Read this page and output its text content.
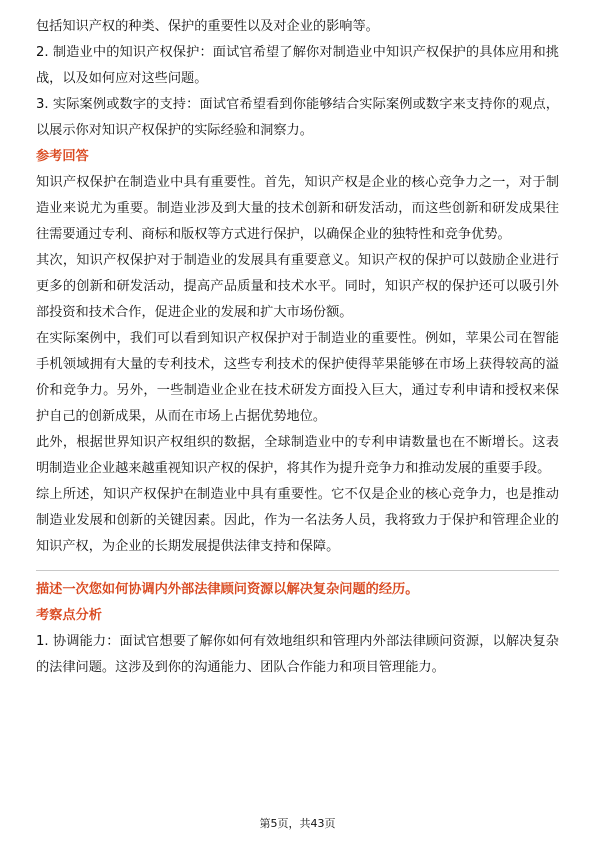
包括知识产权的种类、保护的重要性以及对企业的影响等。

2. 制造业中的知识产权保护：面试官希望了解你对制造业中知识产权保护的具体应用和挑战，以及如何应对这些问题。

3. 实际案例或数字的支持：面试官希望看到你能够结合实际案例或数字来支持你的观点，以展示你对知识产权保护的实际经验和洞察力。

参考回答

知识产权保护在制造业中具有重要性。首先，知识产权是企业的核心竞争力之一，对于制造业来说尤为重要。制造业涉及到大量的技术创新和研发活动，而这些创新和研发成果往往需要通过专利、商标和版权等方式进行保护，以确保企业的独特性和竞争优势。

其次，知识产权保护对于制造业的发展具有重要意义。知识产权的保护可以鼓励企业进行更多的创新和研发活动，提高产品质量和技术水平。同时，知识产权的保护还可以吸引外部投资和技术合作，促进企业的发展和扩大市场份额。

在实际案例中，我们可以看到知识产权保护对于制造业的重要性。例如，苹果公司在智能手机领域拥有大量的专利技术，这些专利技术的保护使得苹果能够在市场上获得较高的溢价和竞争力。另外，一些制造业企业在技术研发方面投入巨大，通过专利申请和授权来保护自己的创新成果，从而在市场上占据优势地位。

此外，根据世界知识产权组织的数据，全球制造业中的专利申请数量也在不断增长。这表明制造业企业越来越重视知识产权的保护，将其作为提升竞争力和推动发展的重要手段。

综上所述，知识产权保护在制造业中具有重要性。它不仅是企业的核心竞争力，也是推动制造业发展和创新的关键因素。因此，作为一名法务人员，我将致力于保护和管理企业的知识产权，为企业的长期发展提供法律支持和保障。

描述一次您如何协调内外部法律顾问资源以解决复杂问题的经历。

考察点分析

1. 协调能力：面试官想要了解你如何有效地组织和管理内外部法律顾问资源，以解决复杂的法律问题。这涉及到你的沟通能力、团队合作能力和项目管理能力。

第5页，共43页
